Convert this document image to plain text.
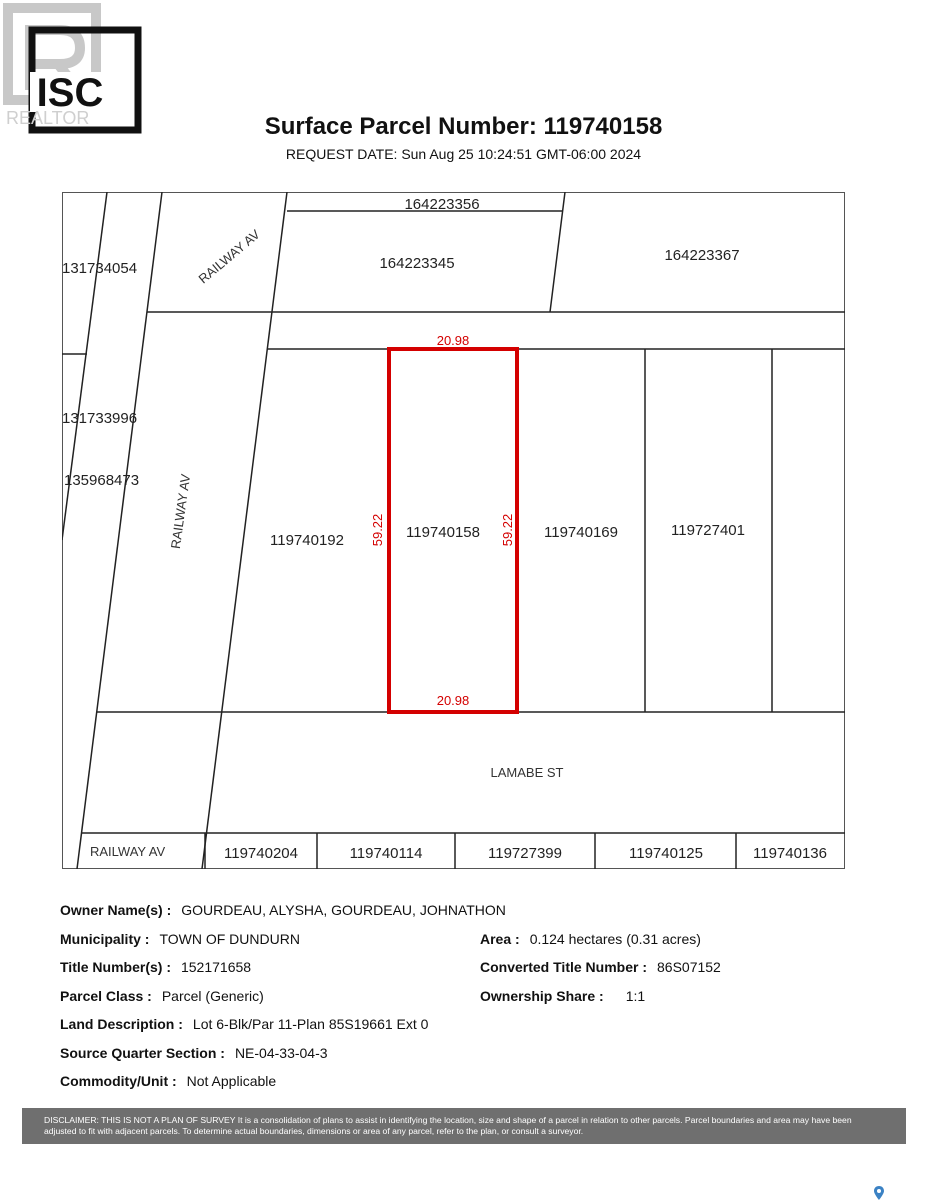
ISC
REALTOR	Surface Parcel Number: 119740158
REQUEST DATE: Sun Aug 25 10:24:51 GMT-06:00 2024
164223356
164223345	164223367
131734054
131733996
135968473
119740192	119740158	119740169	119727401
119740204	119740114	119727399	119740125	119740136
RAILWAY AV
RAILWAY AV
RAILWAY AV
LAMABE ST
20.98
20.98
59.22	59.22
Owner Name(s) : GOURDEAU, ALYSHA, GOURDEAU, JOHNATHON
Municipality : TOWN OF DUNDURN	Area : 0.124 hectares (0.31 acres)
Title Number(s) : 152171658	Converted Title Number : 86S07152
Parcel Class : Parcel (Generic)	Ownership Share : 1:1
Land Description : Lot 6-Blk/Par 11-Plan 85S19661 Ext 0
Source Quarter Section : NE-04-33-04-3
Commodity/Unit : Not Applicable
DISCLAIMER: THIS IS NOT A PLAN OF SURVEY It is a consolidation of plans to assist in identifying the location, size and shape of a parcel in relation to other parcels. Parcel boundaries and area may have been adjusted to fit with adjacent parcels. To determine actual boundaries, dimensions or area of any parcel, refer to the plan, or consult a surveyor.
